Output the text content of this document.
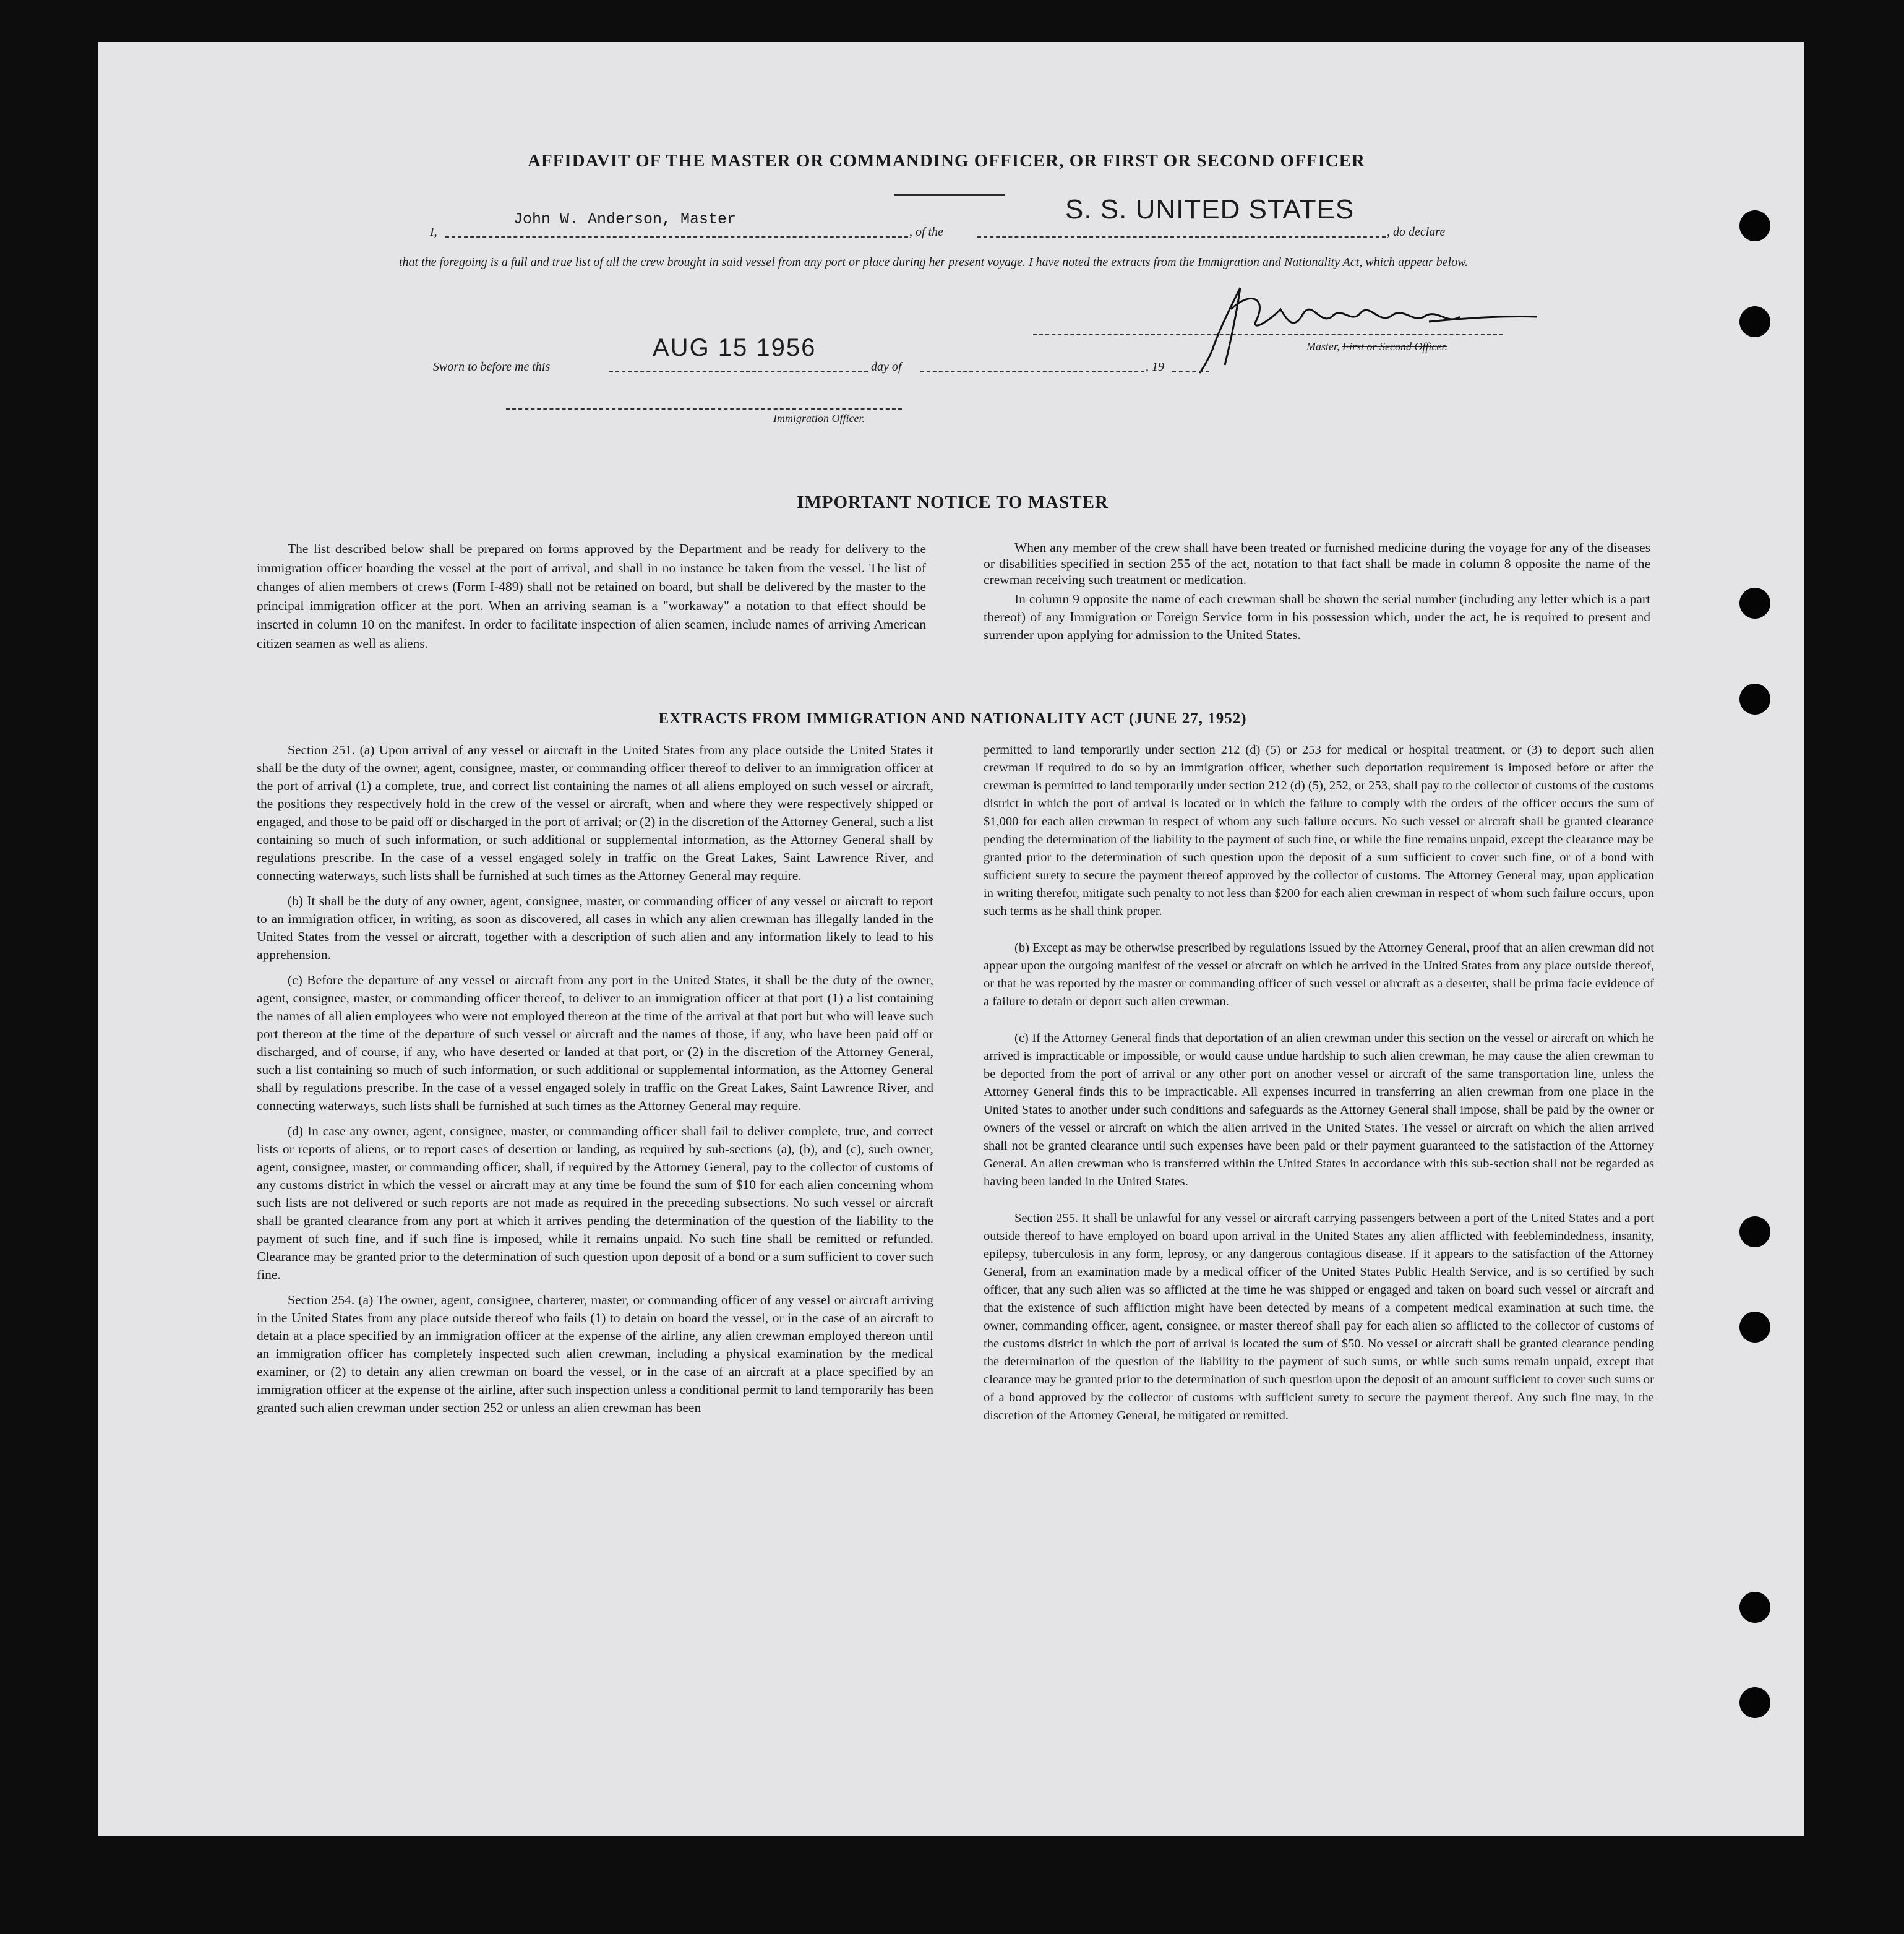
AFFIDAVIT OF THE MASTER OR COMMANDING OFFICER, OR FIRST OR SECOND OFFICER
I,
John W. Anderson, Master
, of the
S. S. UNITED STATES
, do declare
that the foregoing is a full and true list of all the crew brought in said vessel from any port or place during her present voyage. I have noted the extracts from the Immigration and Nationality Act, which appear below.
Master, First or Second Officer.
Sworn to before me this
AUG 15 1956
day of	, 19
Immigration Officer.
IMPORTANT NOTICE TO MASTER

The list described below shall be prepared on forms approved by the Department and be ready for delivery to the immigration officer boarding the vessel at the port of arrival, and shall in no instance be taken from the vessel. The list of changes of alien members of crews (Form I-489) shall not be retained on board, but shall be delivered by the master to the principal immigration officer at the port. When an arriving seaman is a "workaway" a notation to that effect should be inserted in column 10 on the manifest. In order to facilitate inspection of alien seamen, include names of arriving American citizen seamen as well as aliens.

When any member of the crew shall have been treated or furnished medicine during the voyage for any of the diseases or disabilities specified in section 255 of the act, notation to that fact shall be made in column 8 opposite the name of the crewman receiving such treatment or medication.

In column 9 opposite the name of each crewman shall be shown the serial number (including any letter which is a part thereof) of any Immigration or Foreign Service form in his possession which, under the act, he is required to present and surrender upon applying for admission to the United States.

EXTRACTS FROM IMMIGRATION AND NATIONALITY ACT (JUNE 27, 1952)

Section 251. (a) Upon arrival of any vessel or aircraft in the United States from any place outside the United States it shall be the duty of the owner, agent, consignee, master, or commanding officer thereof to deliver to an immigration officer at the port of arrival (1) a complete, true, and correct list containing the names of all aliens employed on such vessel or aircraft, the positions they respectively hold in the crew of the vessel or aircraft, when and where they were respectively shipped or engaged, and those to be paid off or discharged in the port of arrival; or (2) in the discretion of the Attorney General, such a list containing so much of such information, or such additional or supplemental information, as the Attorney General shall by regulations prescribe. In the case of a vessel engaged solely in traffic on the Great Lakes, Saint Lawrence River, and connecting waterways, such lists shall be furnished at such times as the Attorney General may require.

(b) It shall be the duty of any owner, agent, consignee, master, or commanding officer of any vessel or aircraft to report to an immigration officer, in writing, as soon as discovered, all cases in which any alien crewman has illegally landed in the United States from the vessel or aircraft, together with a description of such alien and any information likely to lead to his apprehension.

(c) Before the departure of any vessel or aircraft from any port in the United States, it shall be the duty of the owner, agent, consignee, master, or commanding officer thereof, to deliver to an immigration officer at that port (1) a list containing the names of all alien employees who were not employed thereon at the time of the arrival at that port but who will leave such port thereon at the time of the departure of such vessel or aircraft and the names of those, if any, who have been paid off or discharged, and of course, if any, who have deserted or landed at that port, or (2) in the discretion of the Attorney General, such a list containing so much of such information, or such additional or supplemental information, as the Attorney General shall by regulations prescribe. In the case of a vessel engaged solely in traffic on the Great Lakes, Saint Lawrence River, and connecting waterways, such lists shall be furnished at such times as the Attorney General may require.

(d) In case any owner, agent, consignee, master, or commanding officer shall fail to deliver complete, true, and correct lists or reports of aliens, or to report cases of desertion or landing, as required by sub-sections (a), (b), and (c), such owner, agent, consignee, master, or commanding officer, shall, if required by the Attorney General, pay to the collector of customs of any customs district in which the vessel or aircraft may at any time be found the sum of $10 for each alien concerning whom such lists are not delivered or such reports are not made as required in the preceding subsections. No such vessel or aircraft shall be granted clearance from any port at which it arrives pending the determination of the question of the liability to the payment of such fine, and if such fine is imposed, while it remains unpaid. No such fine shall be remitted or refunded. Clearance may be granted prior to the determination of such question upon deposit of a bond or a sum sufficient to cover such fine.

Section 254. (a) The owner, agent, consignee, charterer, master, or commanding officer of any vessel or aircraft arriving in the United States from any place outside thereof who fails (1) to detain on board the vessel, or in the case of an aircraft to detain at a place specified by an immigration officer at the expense of the airline, any alien crewman employed thereon until an immigration officer has completely inspected such alien crewman, including a physical examination by the medical examiner, or (2) to detain any alien crewman on board the vessel, or in the case of an aircraft at a place specified by an immigration officer at the expense of the airline, after such inspection unless a conditional permit to land temporarily has been granted such alien crewman under section 252 or unless an alien crewman has been

permitted to land temporarily under section 212 (d) (5) or 253 for medical or hospital treatment, or (3) to deport such alien crewman if required to do so by an immigration officer, whether such deportation requirement is imposed before or after the crewman is permitted to land temporarily under section 212 (d) (5), 252, or 253, shall pay to the collector of customs of the customs district in which the port of arrival is located or in which the failure to comply with the orders of the officer occurs the sum of $1,000 for each alien crewman in respect of whom any such failure occurs. No such vessel or aircraft shall be granted clearance pending the determination of the liability to the payment of such fine, or while the fine remains unpaid, except the clearance may be granted prior to the determination of such question upon the deposit of a sum sufficient to cover such fine, or of a bond with sufficient surety to secure the payment thereof approved by the collector of customs. The Attorney General may, upon application in writing therefor, mitigate such penalty to not less than $200 for each alien crewman in respect of whom such failure occurs, upon such terms as he shall think proper.

(b) Except as may be otherwise prescribed by regulations issued by the Attorney General, proof that an alien crewman did not appear upon the outgoing manifest of the vessel or aircraft on which he arrived in the United States from any place outside thereof, or that he was reported by the master or commanding officer of such vessel or aircraft as a deserter, shall be prima facie evidence of a failure to detain or deport such alien crewman.

(c) If the Attorney General finds that deportation of an alien crewman under this section on the vessel or aircraft on which he arrived is impracticable or impossible, or would cause undue hardship to such alien crewman, he may cause the alien crewman to be deported from the port of arrival or any other port on another vessel or aircraft of the same transportation line, unless the Attorney General finds this to be impracticable. All expenses incurred in transferring an alien crewman from one place in the United States to another under such conditions and safeguards as the Attorney General shall impose, shall be paid by the owner or owners of the vessel or aircraft on which the alien arrived in the United States. The vessel or aircraft on which the alien arrived shall not be granted clearance until such expenses have been paid or their payment guaranteed to the satisfaction of the Attorney General. An alien crewman who is transferred within the United States in accordance with this sub-section shall not be regarded as having been landed in the United States.

Section 255. It shall be unlawful for any vessel or aircraft carrying passengers between a port of the United States and a port outside thereof to have employed on board upon arrival in the United States any alien afflicted with feeblemindedness, insanity, epilepsy, tuberculosis in any form, leprosy, or any dangerous contagious disease. If it appears to the satisfaction of the Attorney General, from an examination made by a medical officer of the United States Public Health Service, and is so certified by such officer, that any such alien was so afflicted at the time he was shipped or engaged and taken on board such vessel or aircraft and that the existence of such affliction might have been detected by means of a competent medical examination at such time, the owner, commanding officer, agent, consignee, or master thereof shall pay for each alien so afflicted to the collector of customs of the customs district in which the port of arrival is located the sum of $50. No vessel or aircraft shall be granted clearance pending the determination of the question of the liability to the payment of such sums, or while such sums remain unpaid, except that clearance may be granted prior to the determination of such question upon the deposit of an amount sufficient to cover such sums or of a bond approved by the collector of customs with sufficient surety to secure the payment thereof. Any such fine may, in the discretion of the Attorney General, be mitigated or remitted.
